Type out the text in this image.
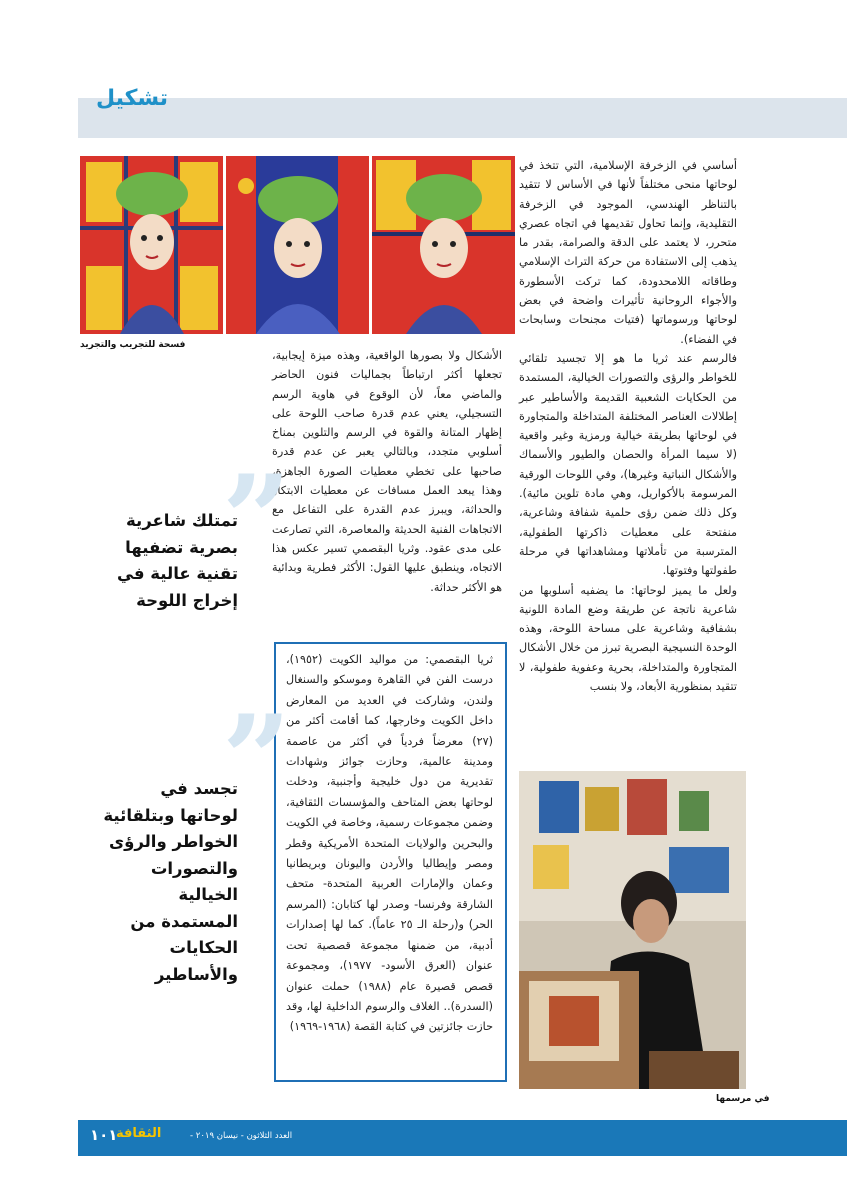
تشكيل

فسحة للتجريب والتجريد

أساسي في الزخرفة الإسلامية، التي تتخذ في لوحاتها منحى مختلفاً لأنها في الأساس لا تتقيد بالتناظر الهندسي، الموجود في الزخرفة التقليدية، وإنما تحاول تقديمها في اتجاه عصري متحرر، لا يعتمد على الدقة والصرامة، بقدر ما يذهب إلى الاستفادة من حركة التراث الإسلامي وطاقاته اللامحدودة، كما تركت الأسطورة والأجواء الروحانية تأثيرات واضحة في بعض لوحاتها ورسوماتها (فتيات مجنحات وسابحات في الفضاء).

فالرسم عند ثريا ما هو إلا تجسيد تلقائي للخواطر والرؤى والتصورات الخيالية، المستمدة من الحكايات الشعبية القديمة والأساطير عبر إطلالات العناصر المختلفة المتداخلة والمتجاورة في لوحاتها بطريقة خيالية ورمزية وغير واقعية (لا سيما المرأة والحصان والطيور والأسماك والأشكال النباتية وغيرها)، وفي اللوحات الورقية المرسومة بالأكواريل، وهي مادة تلوين مائية). وكل ذلك ضمن رؤى حلمية شفافة وشاعرية، منفتحة على معطيات ذاكرتها الطفولية، المترسبة من تأملاتها ومشاهداتها في مرحلة طفولتها وفتوتها.

ولعل ما يميز لوحاتها: ما يضفيه أسلوبها من شاعرية ناتجة عن طريقة وضع المادة اللونية بشفافية وشاعرية على مساحة اللوحة، وهذه الوحدة النسيجية البصرية تبرز من خلال الأشكال المتجاورة والمتداخلة، بحرية وعفوية طفولية، لا تتقيد بمنظورية الأبعاد، ولا بنسب

الأشكال ولا بصورها الواقعية، وهذه ميزة إيجابية، تجعلها أكثر ارتباطاً بجماليات فنون الحاضر والماضي معاً، لأن الوقوع في هاوية الرسم التسجيلي، يعني عدم قدرة صاحب اللوحة على إظهار المتانة والقوة في الرسم والتلوين بمناخ أسلوبي متجدد، وبالتالي يعبر عن عدم قدرة صاحبها على تخطي معطيات الصورة الجاهزة، وهذا يبعد العمل مسافات عن معطيات الابتكار والحداثة، ويبرز عدم القدرة على التفاعل مع الاتجاهات الفنية الحديثة والمعاصرة، التي تصارعت على مدى عقود. وثريا البقصمي تسير عكس هذا الاتجاه، وينطبق عليها القول: الأكثر فطرية وبدائية هو الأكثر حداثة.

ثريا البقصمي: من مواليد الكويت (١٩٥٢)، درست الفن في القاهرة وموسكو والسنغال ولندن، وشاركت في العديد من المعارض داخل الكويت وخارجها، كما أقامت أكثر من (٢٧) معرضاً فردياً في أكثر من عاصمة ومدينة عالمية، وحازت جوائز وشهادات تقديرية من دول خليجية وأجنبية، ودخلت لوحاتها بعض المتاحف والمؤسسات الثقافية، وضمن مجموعات رسمية، وخاصة في الكويت والبحرين والولايات المتحدة الأمريكية وقطر ومصر وإيطاليا والأردن واليونان وبريطانيا وعمان والإمارات العربية المتحدة- متحف الشارقة وفرنسا- وصدر لها كتابان: (المرسم الحر) و(رحلة الـ ٢٥ عاماً). كما لها إصدارات أدبية، من ضمنها مجموعة قصصية تحت عنوان (العرق الأسود- ١٩٧٧)، ومجموعة قصص قصيرة عام (١٩٨٨) حملت عنوان (السدرة).. الغلاف والرسوم الداخلية لها، وقد حازت جائزتين في كتابة القصة (١٩٦٨-١٩٦٩)

”

تمتلك شاعرية بصرية تضفيها تقنية عالية في إخراج اللوحة

”

تجسد في لوحاتها وبتلقائية الخواطر والرؤى والتصورات الخيالية المستمدة من الحكايات والأساطير

في مرسمها

١٠١

الثقافة	العدد الثلاثون - نيسان ٢٠١٩ -
